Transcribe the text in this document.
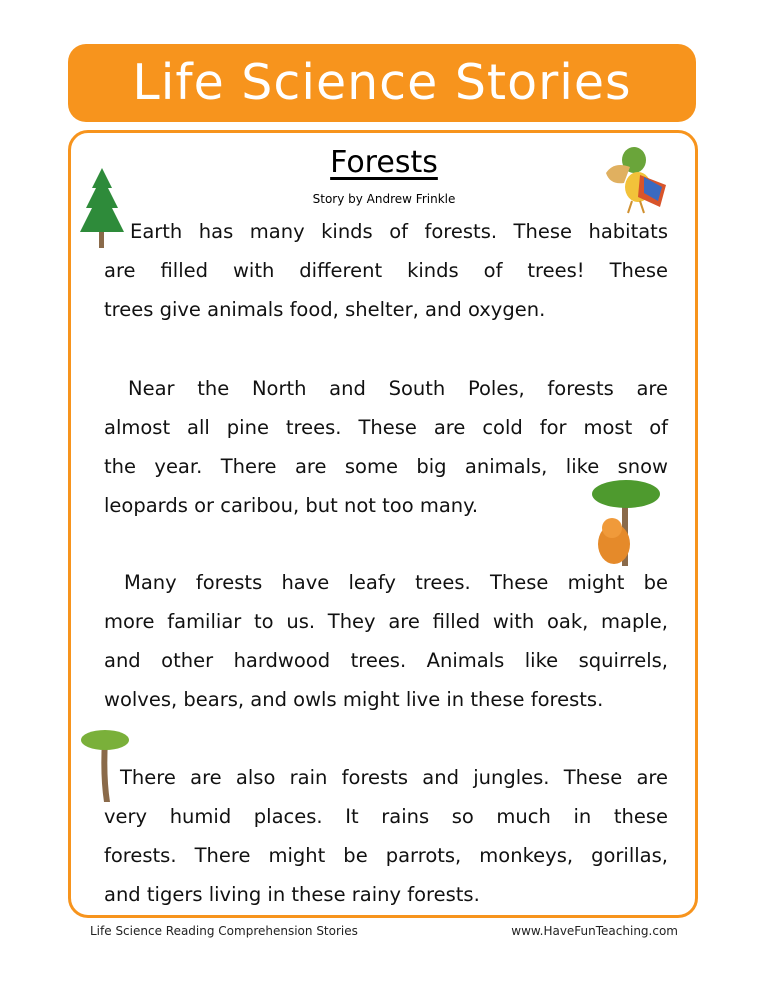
Life Science Stories
Forests
Story by Andrew Frinkle
Earth has many kinds of forests. These habitats
are filled with different kinds of trees! These
trees give animals food, shelter, and oxygen.
Near the North and South Poles, forests are
almost all pine trees. These are cold for most of
the year. There are some big animals, like snow
leopards or caribou, but not too many.
Many forests have leafy trees. These might be
more familiar to us. They are filled with oak, maple,
and other hardwood trees. Animals like squirrels,
wolves, bears, and owls might live in these forests.
There are also rain forests and jungles. These are
very humid places. It rains so much in these
forests. There might be parrots, monkeys, gorillas,
and tigers living in these rainy forests.
Life Science Reading Comprehension Stories	www.HaveFunTeaching.com
